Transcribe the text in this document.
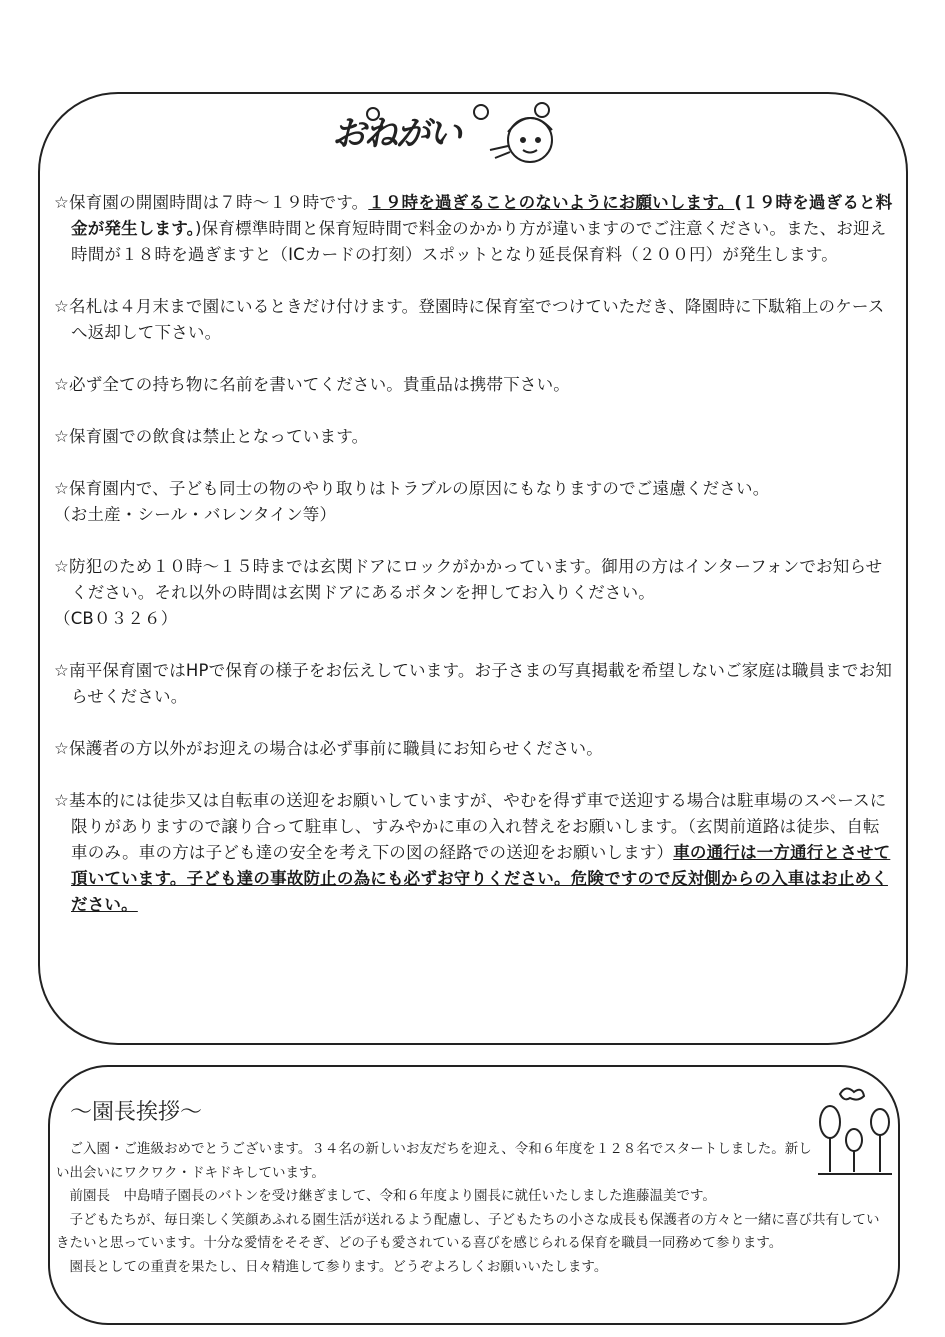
おねがい

☆保育園の開園時間は７時～１９時です。１９時を過ぎることのないようにお願いします。(１９時を過ぎると料金が発生します。)保育標準時間と保育短時間で料金のかかり方が違いますのでご注意ください。また、お迎え時間が１８時を過ぎますと（ICカードの打刻）スポットとなり延長保育料（２００円）が発生します。

☆名札は４月末まで園にいるときだけ付けます。登園時に保育室でつけていただき、降園時に下駄箱上のケースへ返却して下さい。

☆必ず全ての持ち物に名前を書いてください。貴重品は携帯下さい。

☆保育園での飲食は禁止となっています。

☆保育園内で、子ども同士の物のやり取りはトラブルの原因にもなりますのでご遠慮ください。

（お土産・シール・バレンタイン等）

☆防犯のため１０時～１５時までは玄関ドアにロックがかかっています。御用の方はインターフォンでお知らせください。それ以外の時間は玄関ドアにあるボタンを押してお入りください。

（CB０３２６）

☆南平保育園ではHPで保育の様子をお伝えしています。お子さまの写真掲載を希望しないご家庭は職員までお知らせください。

☆保護者の方以外がお迎えの場合は必ず事前に職員にお知らせください。

☆基本的には徒歩又は自転車の送迎をお願いしていますが、やむを得ず車で送迎する場合は駐車場のスペースに限りがありますので譲り合って駐車し、すみやかに車の入れ替えをお願いします。（玄関前道路は徒歩、自転車のみ。車の方は子ども達の安全を考え下の図の経路での送迎をお願いします）車の通行は一方通行とさせて頂いています。子ども達の事故防止の為にも必ずお守りください。危険ですので反対側からの入車はお止めください。

～園長挨拶～

ご入園・ご進級おめでとうございます。３４名の新しいお友だちを迎え、令和６年度を１２８名でスタートしました。新しい出会いにワクワク・ドキドキしています。

前園長　中島晴子園長のバトンを受け継ぎまして、令和６年度より園長に就任いたしました進藤温美です。

子どもたちが、毎日楽しく笑顔あふれる園生活が送れるよう配慮し、子どもたちの小さな成長も保護者の方々と一緒に喜び共有していきたいと思っています。十分な愛情をそそぎ、どの子も愛されている喜びを感じられる保育を職員一同務めて参ります。

園長としての重責を果たし、日々精進して参ります。どうぞよろしくお願いいたします。
